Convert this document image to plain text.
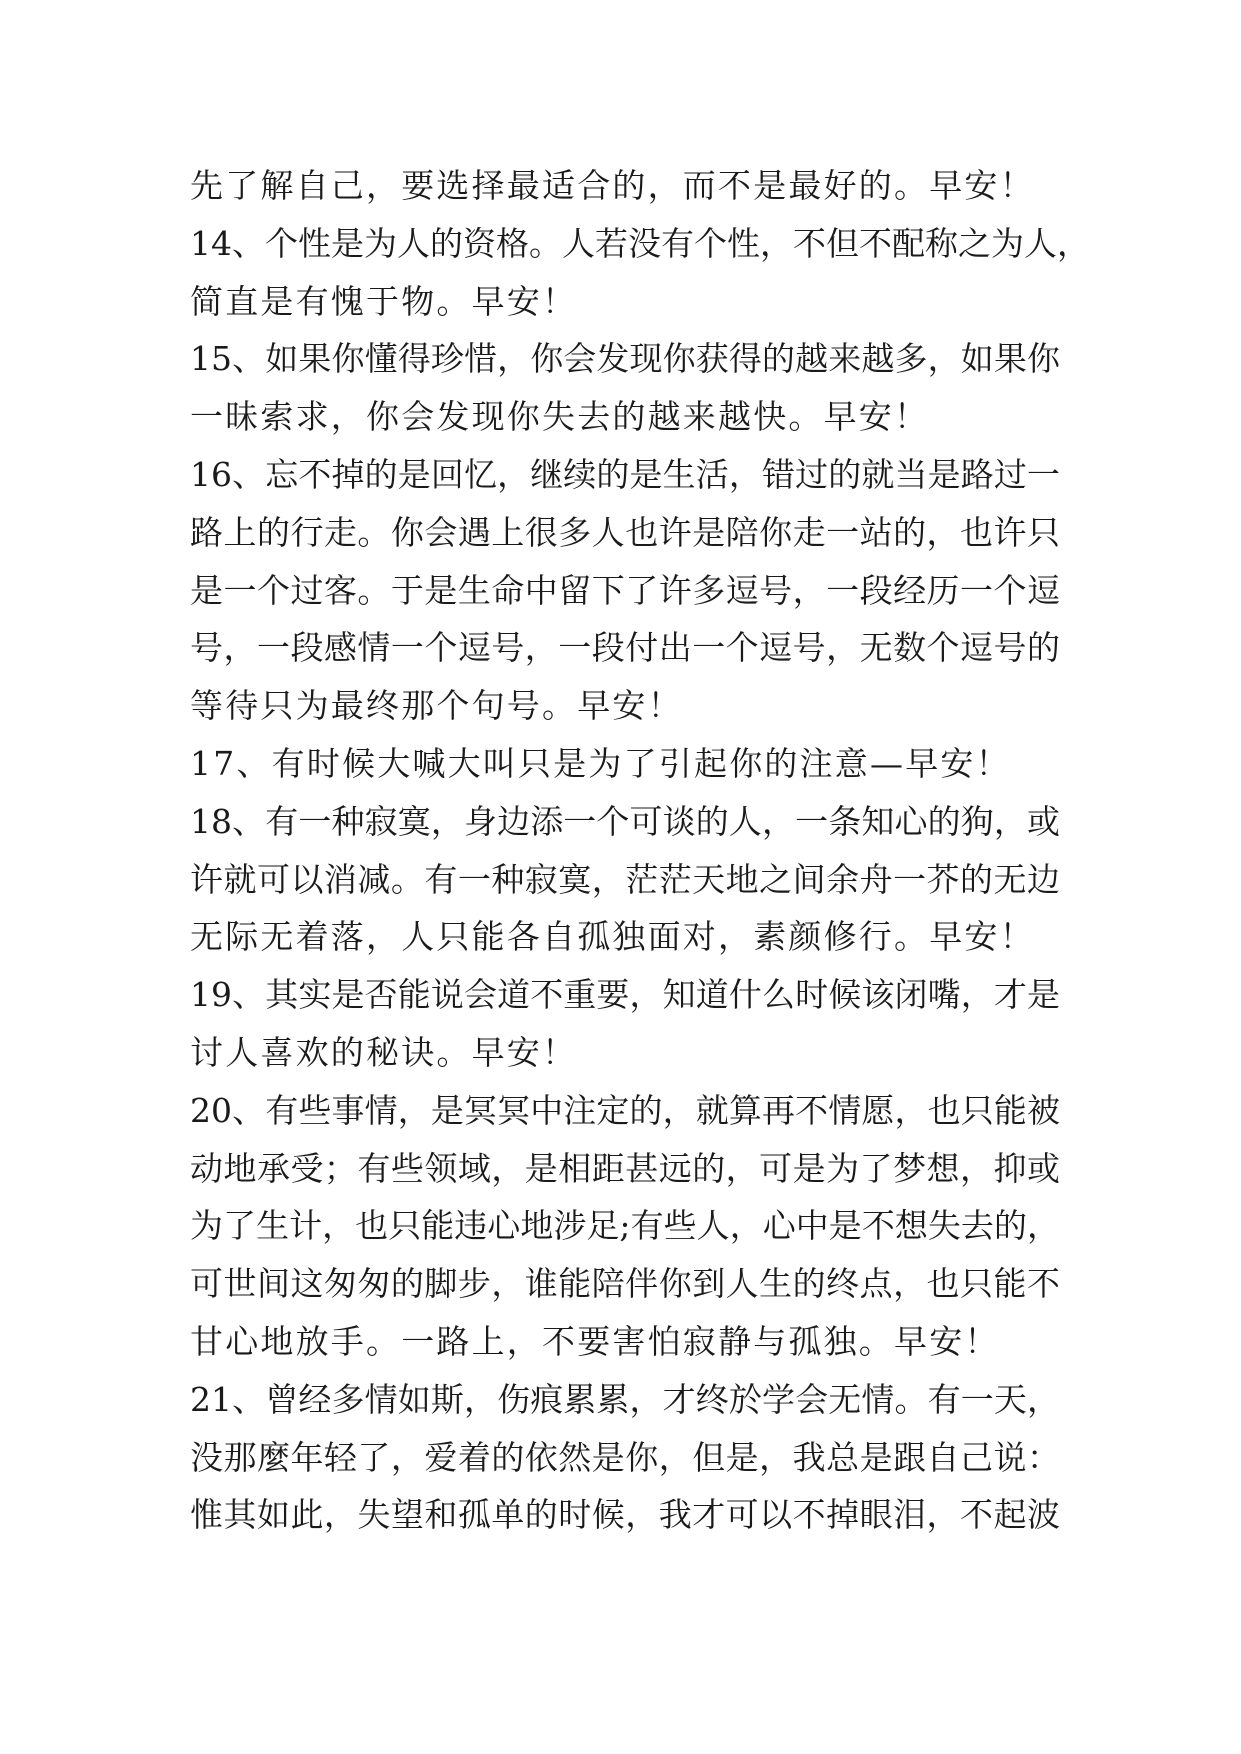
先了解自己，要选择最适合的，而不是最好的。早安！
14、个性是为人的资格。人若没有个性，不但不配称之为人，
简直是有愧于物。早安！
15、如果你懂得珍惜，你会发现你获得的越来越多，如果你
一昧索求，你会发现你失去的越来越快。早安！
16、忘不掉的是回忆，继续的是生活，错过的就当是路过一
路上的行走。你会遇上很多人也许是陪你走一站的，也许只
是一个过客。于是生命中留下了许多逗号，一段经历一个逗
号，一段感情一个逗号，一段付出一个逗号，无数个逗号的
等待只为最终那个句号。早安！
17、有时候大喊大叫只是为了引起你的注意—早安！
18、有一种寂寞，身边添一个可谈的人，一条知心的狗，或
许就可以消减。有一种寂寞，茫茫天地之间余舟一芥的无边
无际无着落，人只能各自孤独面对，素颜修行。早安！
19、其实是否能说会道不重要，知道什么时候该闭嘴，才是
讨人喜欢的秘诀。早安！
20、有些事情，是冥冥中注定的，就算再不情愿，也只能被
动地承受；有些领域，是相距甚远的，可是为了梦想，抑或
为了生计，也只能违心地涉足;有些人，心中是不想失去的，
可世间这匆匆的脚步，谁能陪伴你到人生的终点，也只能不
甘心地放手。一路上，不要害怕寂静与孤独。早安！
21、曾经多情如斯，伤痕累累，才终於学会无情。有一天，
没那麼年轻了，爱着的依然是你，但是，我总是跟自己说：
惟其如此，失望和孤单的时候，我才可以不掉眼泪，不起波
